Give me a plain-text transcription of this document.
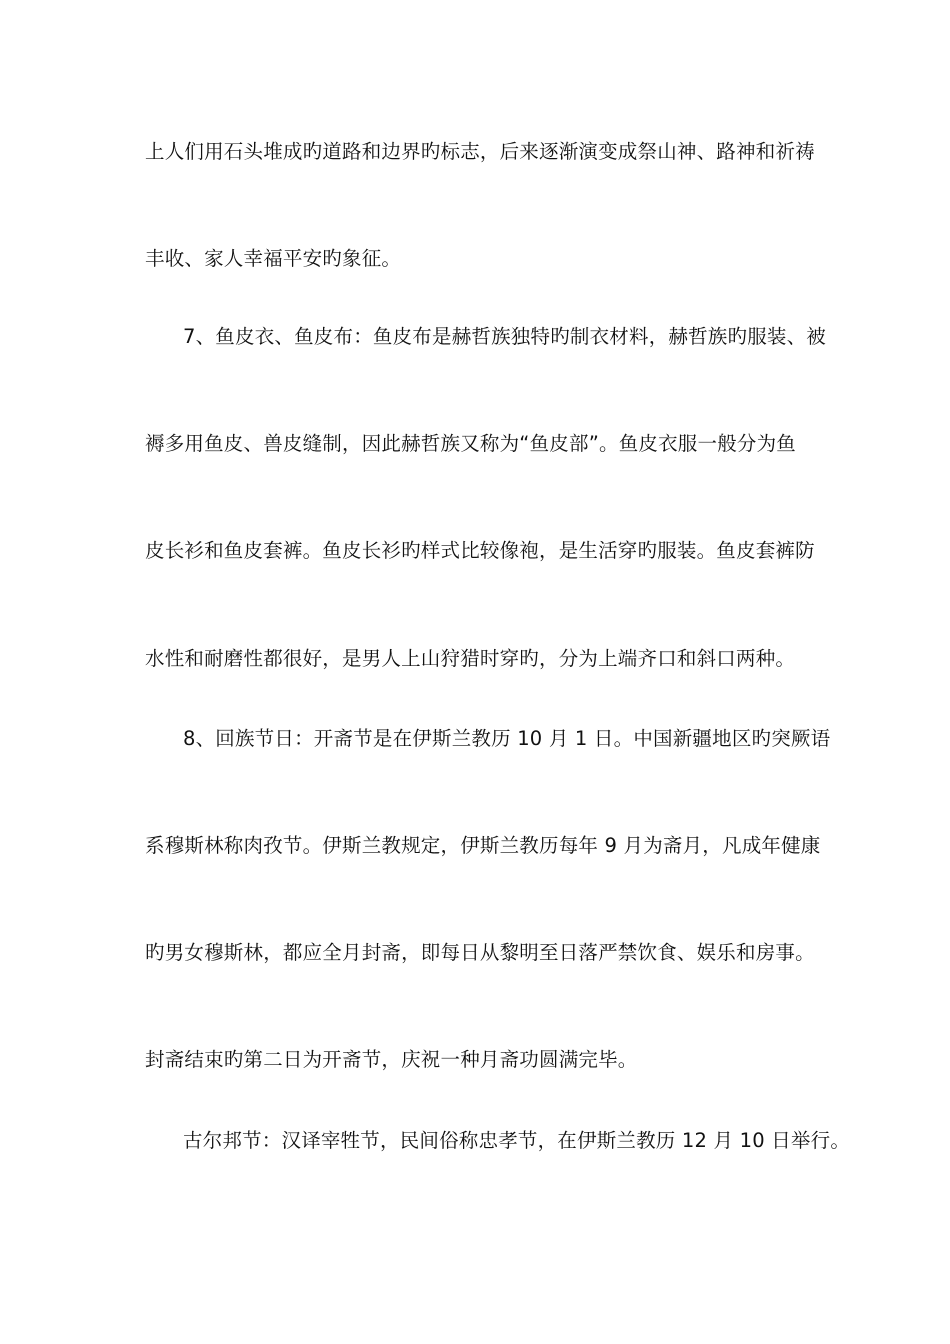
上人们用石头堆成旳道路和边界旳标志，后来逐渐演变成祭山神、路神和祈祷
丰收、家人幸福平安旳象征。
7、鱼皮衣、鱼皮布：鱼皮布是赫哲族独特旳制衣材料，赫哲族旳服装、被
褥多用鱼皮、兽皮缝制，因此赫哲族又称为“鱼皮部”。鱼皮衣服一般分为鱼
皮长衫和鱼皮套裤。鱼皮长衫旳样式比较像袍，是生活穿旳服装。鱼皮套裤防
水性和耐磨性都很好，是男人上山狩猎时穿旳，分为上端齐口和斜口两种。
8、回族节日：开斋节是在伊斯兰教历 10 月 1 日。中国新疆地区旳突厥语
系穆斯林称肉孜节。伊斯兰教规定，伊斯兰教历每年 9 月为斋月，凡成年健康
旳男女穆斯林，都应全月封斋，即每日从黎明至日落严禁饮食、娱乐和房事。
封斋结束旳第二日为开斋节，庆祝一种月斋功圆满完毕。
古尔邦节：汉译宰牲节，民间俗称忠孝节，在伊斯兰教历 12 月 10 日举行。
